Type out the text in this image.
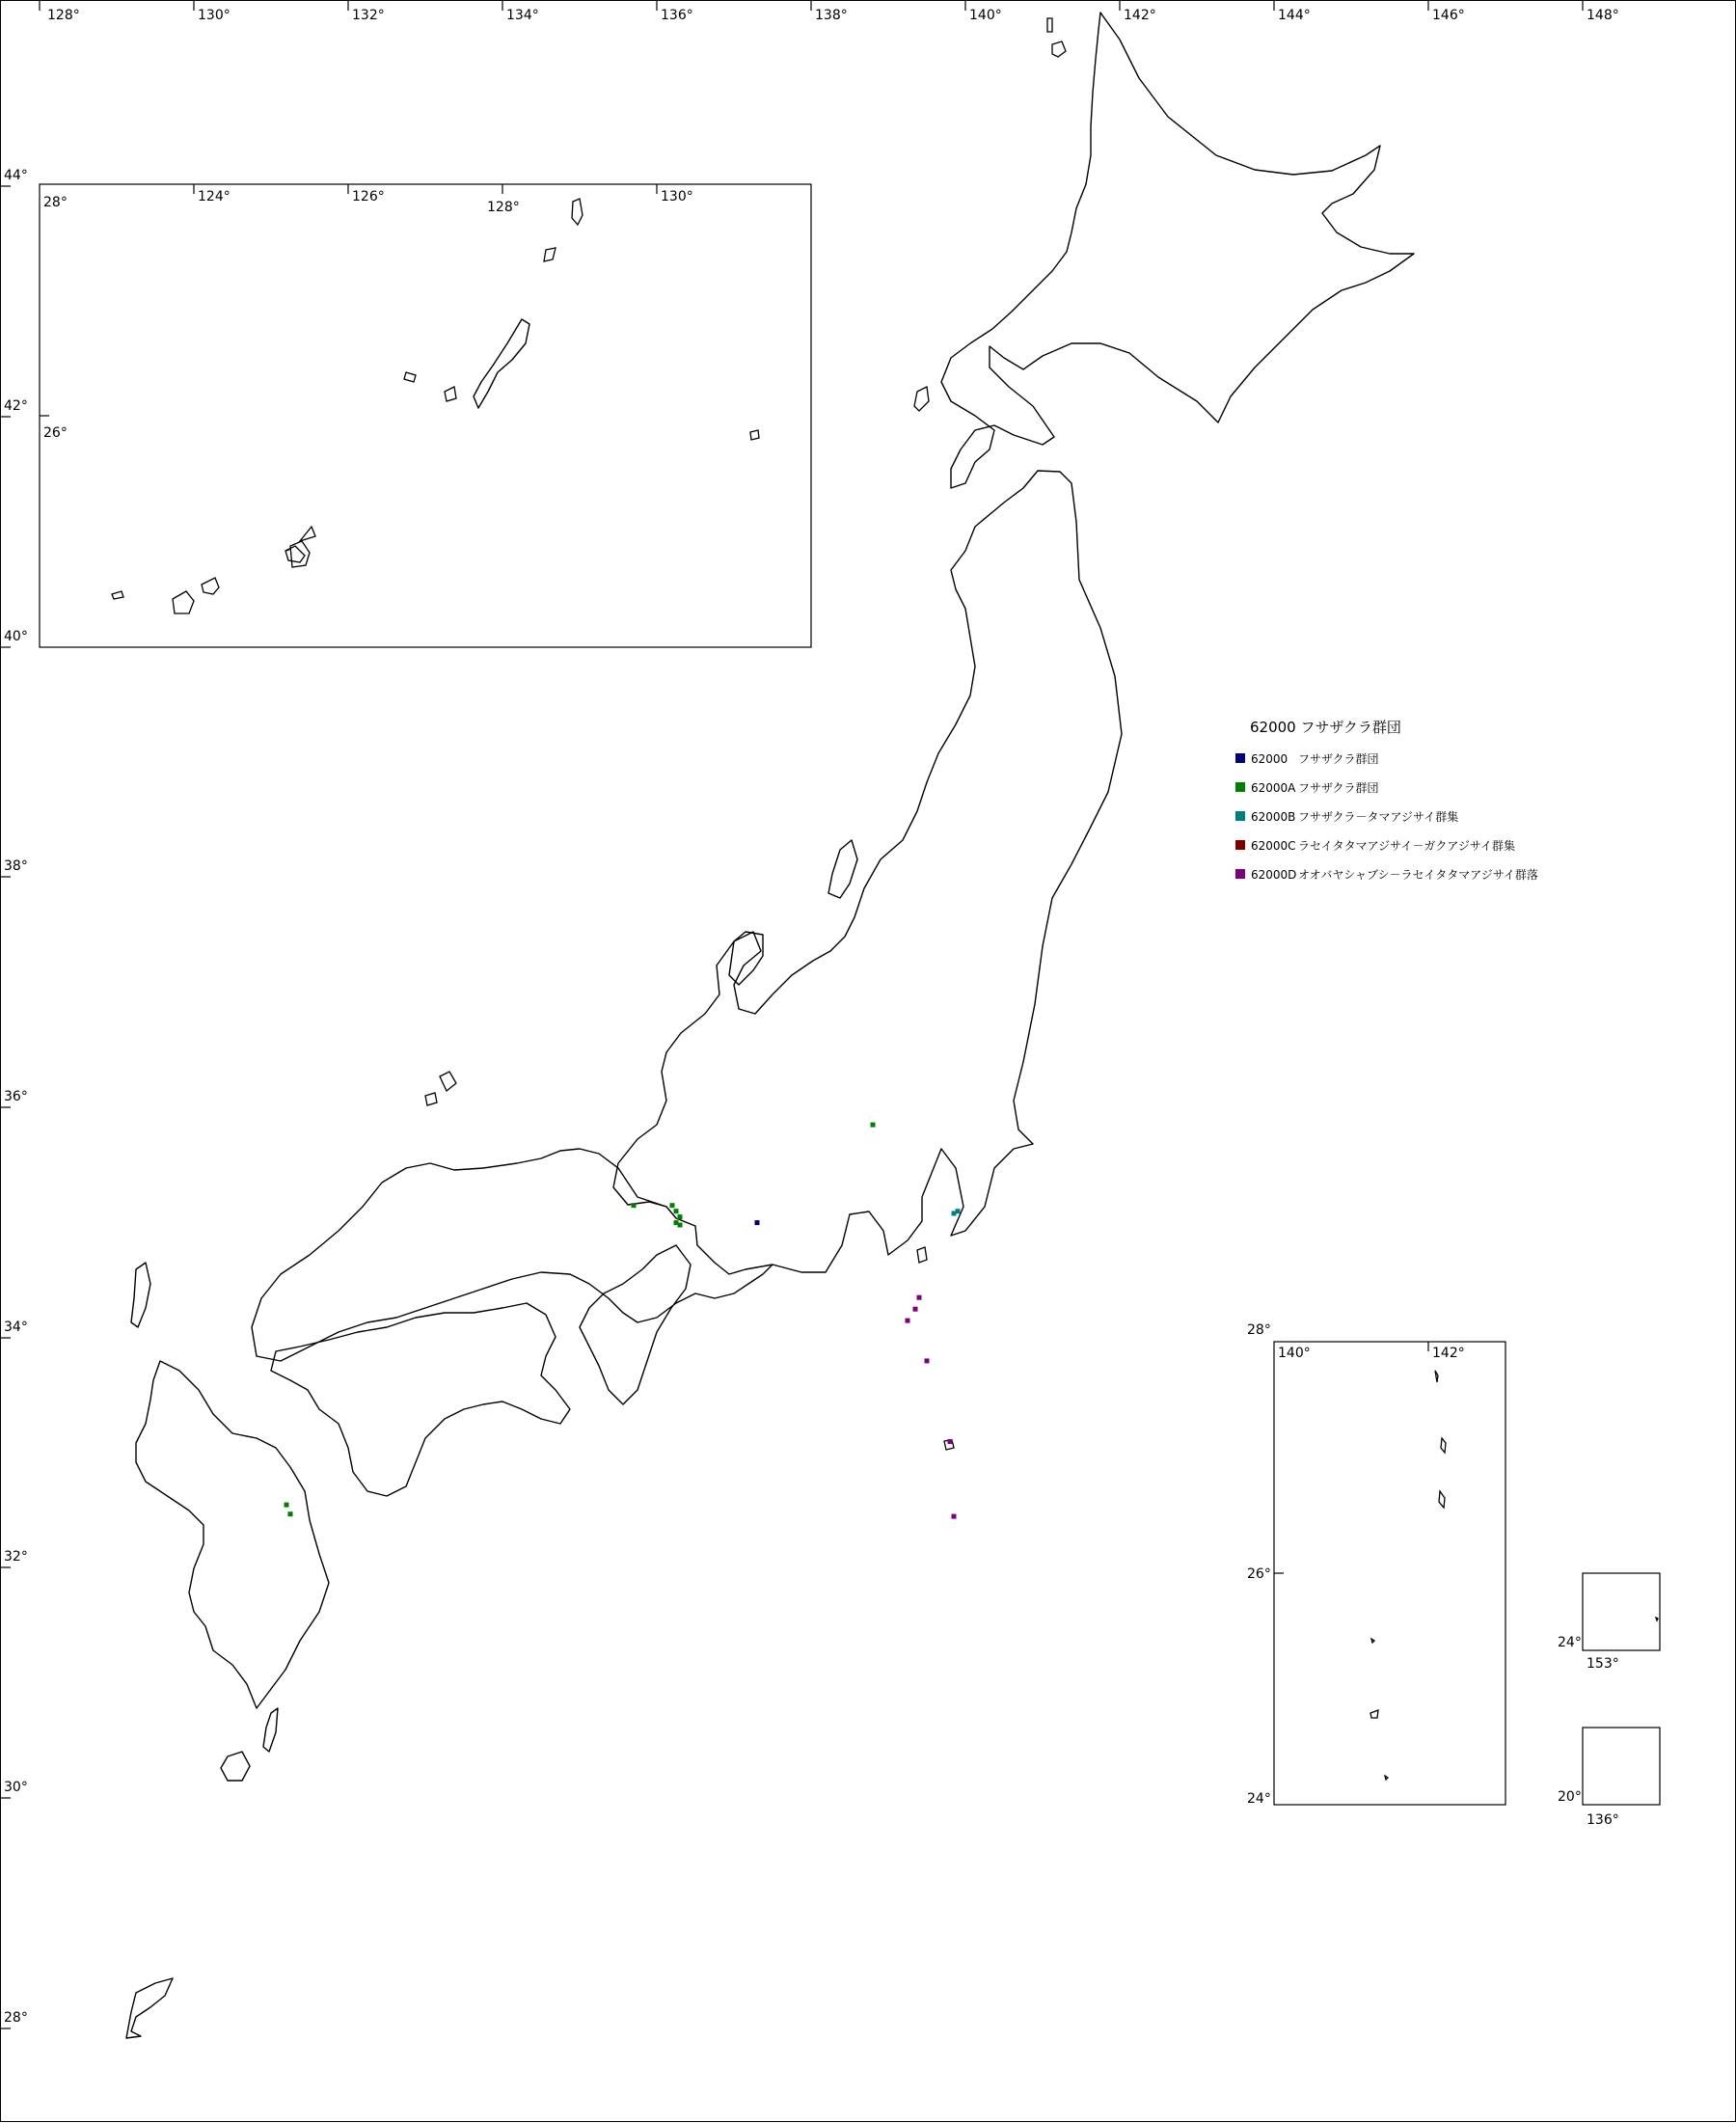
128°	130°	132°	134°	136°	138°	140°	142°	144°	146°	148°
44°
42°
40°
38°
36°
34°
32°
30°
28°
28°	124°	126°
128°
130°
26°
62000 フサザクラ群団
62000 フサザクラ群団
62000A フサザクラ群団
62000B フサザクラ－タマアジサイ群集
62000C ラセイタタマアジサイ－ガクアジサイ群集
62000D オオバヤシャブシ－ラセイタタマアジサイ群落
28°
140°	142°
26°
24°
24°
153°
20°
136°
